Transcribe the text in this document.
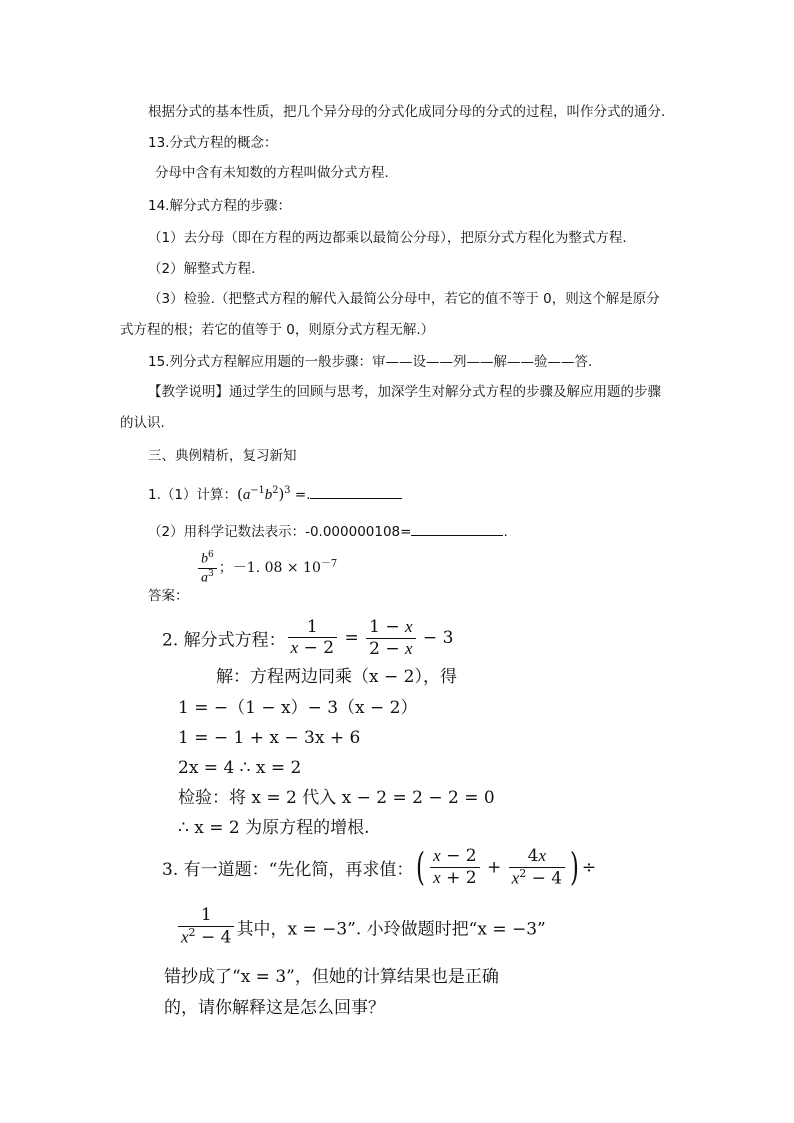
根据分式的基本性质，把几个异分母的分式化成同分母的分式的过程，叫作分式的通分.
13.分式方程的概念：
分母中含有未知数的方程叫做分式方程.
14.解分式方程的步骤：
（1）去分母（即在方程的两边都乘以最简公分母），把原分式方程化为整式方程.
（2）解整式方程.
（3）检验.（把整式方程的解代入最简公分母中，若它的值不等于 0，则这个解是原分
式方程的根；若它的值等于 0，则原分式方程无解.）
15.列分式方程解应用题的一般步骤：审——设——列——解——验——答.
【教学说明】通过学生的回顾与思考，加深学生对解分式方程的步骤及解应用题的步骤
的认识.
三、典例精析，复习新知
1.（1）计算：$(a^{-1}b^2)^3$ =.
（2）用科学记数法表示：-0.000000108=	.
$\frac{b^6}{a^3}$ ；－1. $08 \times 10^{-7}$
答案：
2. 解分式方程： $\frac{1}{x - 2} = \frac{1 - x}{2 - x} - 3$
解：方程两边同乘（x − 2），得
1 = −（1 − x）− 3（x − 2）
1 = − 1 + x − 3x + 6
2x = 4 ∴ x = 2
检验：将 x = 2 代入 x − 2 = 2 − 2 = 0
∴ x = 2 为原方程的增根.
3. 有一道题：“先化简，再求值：( $\frac{x - 2}{x + 2} + \frac{4x}{x^2 - 4}$ ) ÷
$\frac{1}{x^2 - 4}$ 其中，x = −3”. 小玲做题时把“x = −3”
错抄成了“x = 3”，但她的计算结果也是正确
的，请你解释这是怎么回事？
